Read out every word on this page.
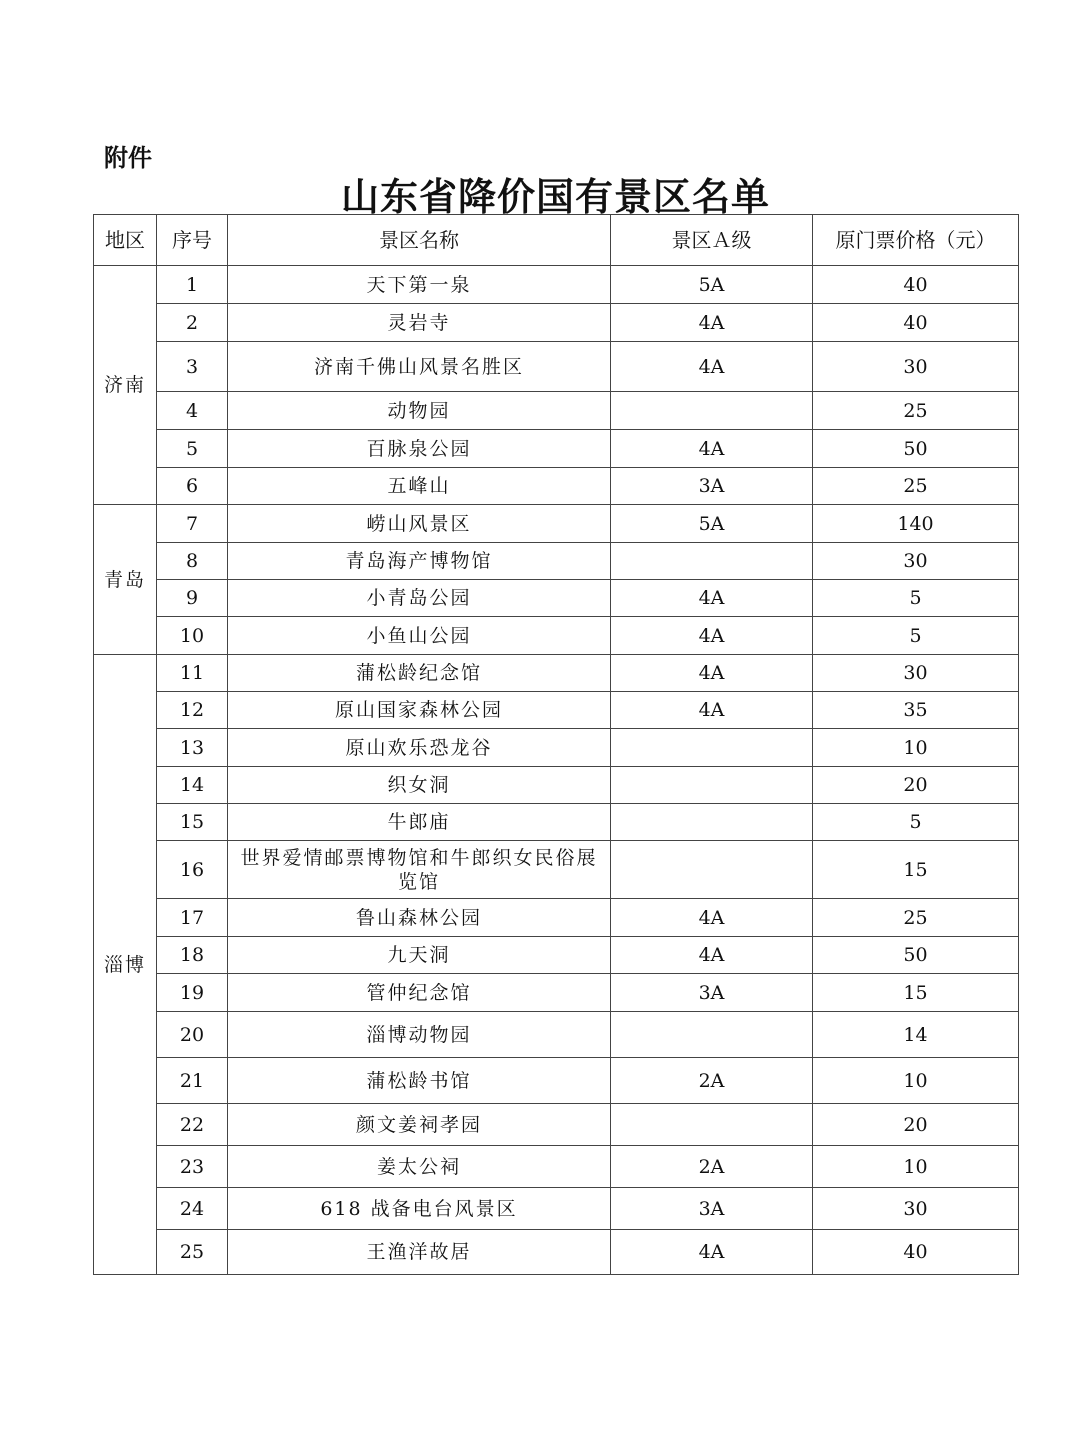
附件
山东省降价国有景区名单
地区	序号	景区名称	景区Ａ级	原门票价格（元）
济南	1	天下第一泉	5A	40
	2	灵岩寺	4A	40
	3	济南千佛山风景名胜区	4A	30
	4	动物园		25
	5	百脉泉公园	4A	50
	6	五峰山	3A	25
青岛	7	崂山风景区	5A	140
	8	青岛海产博物馆		30
	9	小青岛公园	4A	5
	10	小鱼山公园	4A	5
淄博	11	蒲松龄纪念馆	4A	30
	12	原山国家森林公园	4A	35
	13	原山欢乐恐龙谷		10
	14	织女洞		20
	15	牛郎庙		5
	16	世界爱情邮票博物馆和牛郎织女民俗展览馆		15
	17	鲁山森林公园	4A	25
	18	九天洞	4A	50
	19	管仲纪念馆	3A	15
	20	淄博动物园		14
	21	蒲松龄书馆	2A	10
	22	颜文姜祠孝园		20
	23	姜太公祠	2A	10
	24	618 战备电台风景区	3A	30
	25	王渔洋故居	4A	40
